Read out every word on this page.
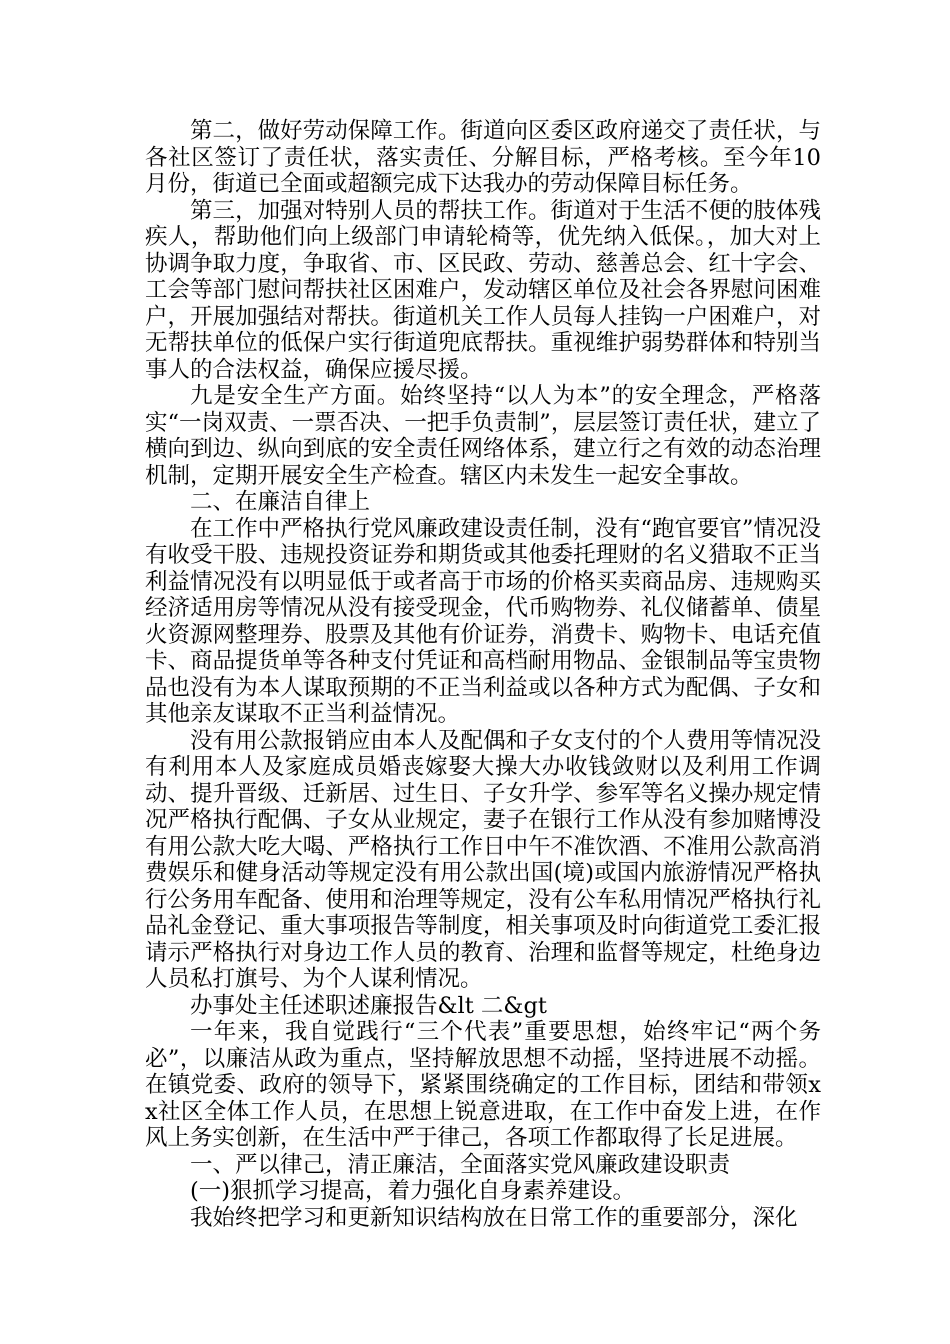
第二，做好劳动保障工作。街道向区委区政府递交了责任状，与各社区签订了责任状，落实责任、分解目标，严格考核。至今年10月份，街道已全面或超额完成下达我办的劳动保障目标任务。

第三，加强对特别人员的帮扶工作。街道对于生活不便的肢体残疾人，帮助他们向上级部门申请轮椅等，优先纳入低保。，加大对上协调争取力度，争取省、市、区民政、劳动、慈善总会、红十字会、工会等部门慰问帮扶社区困难户，发动辖区单位及社会各界慰问困难户，开展加强结对帮扶。街道机关工作人员每人挂钩一户困难户，对无帮扶单位的低保户实行街道兜底帮扶。重视维护弱势群体和特别当事人的合法权益，确保应援尽援。

九是安全生产方面。始终坚持“以人为本”的安全理念，严格落实“一岗双责、一票否决、一把手负责制”，层层签订责任状，建立了横向到边、纵向到底的安全责任网络体系，建立行之有效的动态治理机制，定期开展安全生产检查。辖区内未发生一起安全事故。

二、在廉洁自律上

在工作中严格执行党风廉政建设责任制，没有“跑官要官”情况没有收受干股、违规投资证券和期货或其他委托理财的名义猎取不正当利益情况没有以明显低于或者高于市场的价格买卖商品房、违规购买经济适用房等情况从没有接受现金，代币购物券、礼仪储蓄单、债星火资源网整理券、股票及其他有价证券，消费卡、购物卡、电话充值卡、商品提货单等各种支付凭证和高档耐用物品、金银制品等宝贵物品也没有为本人谋取预期的不正当利益或以各种方式为配偶、子女和其他亲友谋取不正当利益情况。

没有用公款报销应由本人及配偶和子女支付的个人费用等情况没有利用本人及家庭成员婚丧嫁娶大操大办收钱敛财以及利用工作调动、提升晋级、迁新居、过生日、子女升学、参军等名义操办规定情况严格执行配偶、子女从业规定，妻子在银行工作从没有参加赌博没有用公款大吃大喝、严格执行工作日中午不准饮酒、不准用公款高消费娱乐和健身活动等规定没有用公款出国(境)或国内旅游情况严格执行公务用车配备、使用和治理等规定，没有公车私用情况严格执行礼品礼金登记、重大事项报告等制度，相关事项及时向街道党工委汇报请示严格执行对身边工作人员的教育、治理和监督等规定，杜绝身边人员私打旗号、为个人谋利情况。

办事处主任述职述廉报告&lt 二&gt

一年来，我自觉践行“三个代表”重要思想，始终牢记“两个务必”，以廉洁从政为重点，坚持解放思想不动摇，坚持进展不动摇。在镇党委、政府的领导下，紧紧围绕确定的工作目标，团结和带领xx社区全体工作人员，在思想上锐意进取，在工作中奋发上进，在作风上务实创新，在生活中严于律己，各项工作都取得了长足进展。

一、严以律己，清正廉洁，全面落实党风廉政建设职责

(一)狠抓学习提高，着力强化自身素养建设。

我始终把学习和更新知识结构放在日常工作的重要部分，深化
